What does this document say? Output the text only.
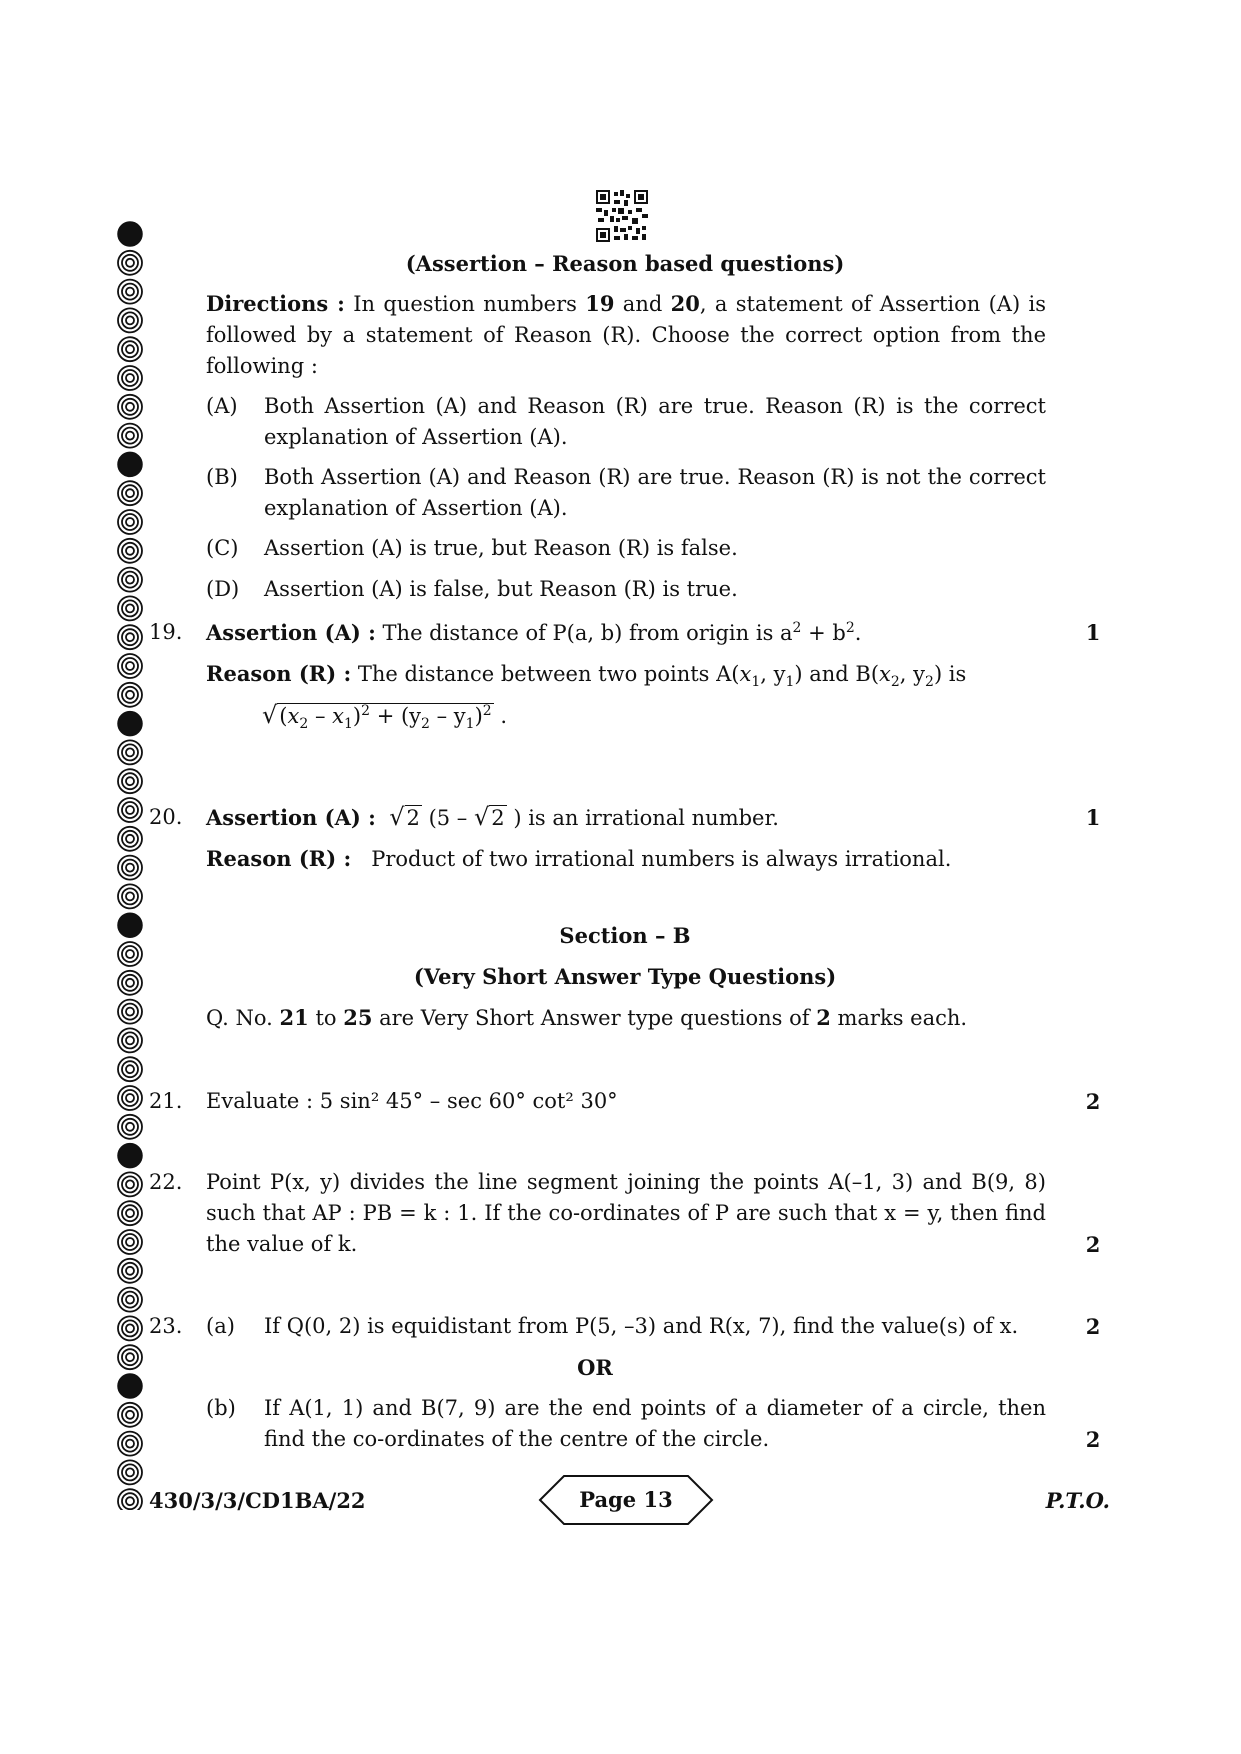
(Assertion – Reason based questions)
Directions : In question numbers 19 and 20, a statement of Assertion (A) is followed by a statement of Reason (R). Choose the correct option from the following :
(A) Both Assertion (A) and Reason (R) are true. Reason (R) is the correct explanation of Assertion (A).
(B) Both Assertion (A) and Reason (R) are true. Reason (R) is not the correct explanation of Assertion (A).
(C) Assertion (A) is true, but Reason (R) is false.
(D) Assertion (A) is false, but Reason (R) is true.
19. Assertion (A) : The distance of P(a, b) from origin is $a^2 + b^2$.	1
Reason (R) : The distance between two points $A(x_1$, $y_1$) and $B(x_2$, $y_2$) is
$√(x_2 - x_1)^2 + (y_2 - y_1)^2$ .
20. Assertion (A) : √2 (5 – √2 ) is an irrational number.	1
Reason (R) : Product of two irrational numbers is always irrational.
Section – B
(Very Short Answer Type Questions)
Q. No. 21 to 25 are Very Short Answer type questions of 2 marks each.
21. Evaluate : 5 sin² 45° – sec 60° cot² 30°	2
22. Point P(x, y) divides the line segment joining the points A(–1, 3) and B(9, 8) such that AP : PB = k : 1. If the co-ordinates of P are such that x = y, then find the value of k.	2
23. (a) If Q(0, 2) is equidistant from P(5, –3) and R(x, 7), find the value(s) of x.	2
OR
(b) If A(1, 1) and B(7, 9) are the end points of a diameter of a circle, then find the co-ordinates of the centre of the circle.	2
430/3/3/CD1BA/22	Page 13	P.T.O.
